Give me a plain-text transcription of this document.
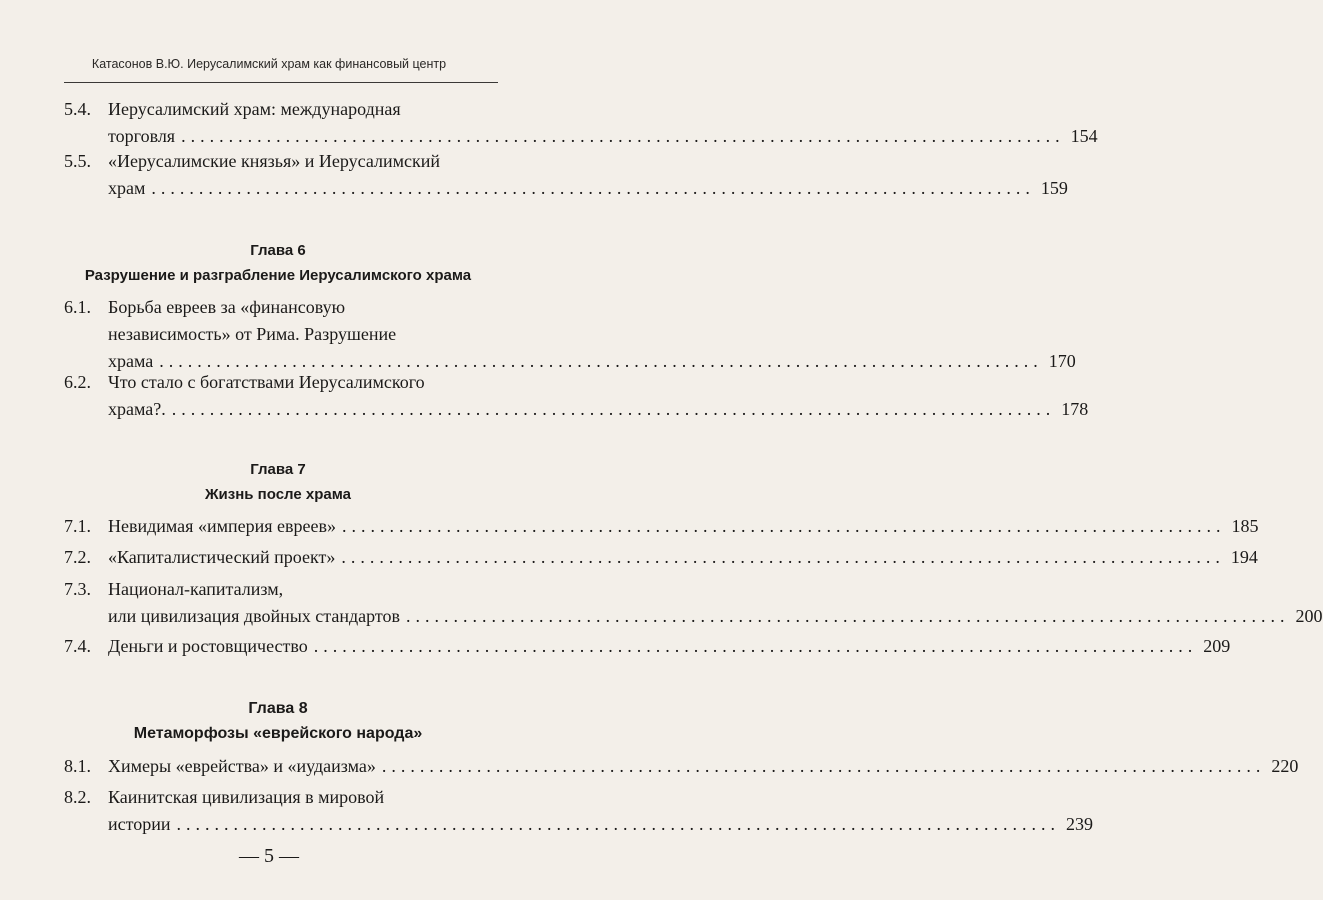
Катасонов В.Ю. Иерусалимский храм как финансовый центр
5.4. Иерусалимский храм: международная
торговля ............................................................................................. 154
5.5. «Иерусалимские князья» и Иерусалимский
храм ............................................................................................. 159
Глава 6
Разрушение и разграбление Иерусалимского храма
6.1. Борьба евреев за «финансовую
независимость» от Рима. Разрушение
храма ............................................................................................. 170
6.2. Что стало с богатствами Иерусалимского
храма?. ............................................................................................. 178
Глава 7
Жизнь после храма
7.1. Невидимая «империя евреев» ............................................................................................. 185
7.2. «Капиталистический проект» ............................................................................................. 194
7.3. Национал-капитализм,
или цивилизация двойных стандартов ............................................................................................. 200
7.4. Деньги и ростовщичество ............................................................................................. 209
Глава 8
Метаморфозы «еврейского народа»
8.1. Химеры «еврейства» и «иудаизма» ............................................................................................. 220
8.2. Каинитская цивилизация в мировой
истории ............................................................................................. 239
— 5 —
